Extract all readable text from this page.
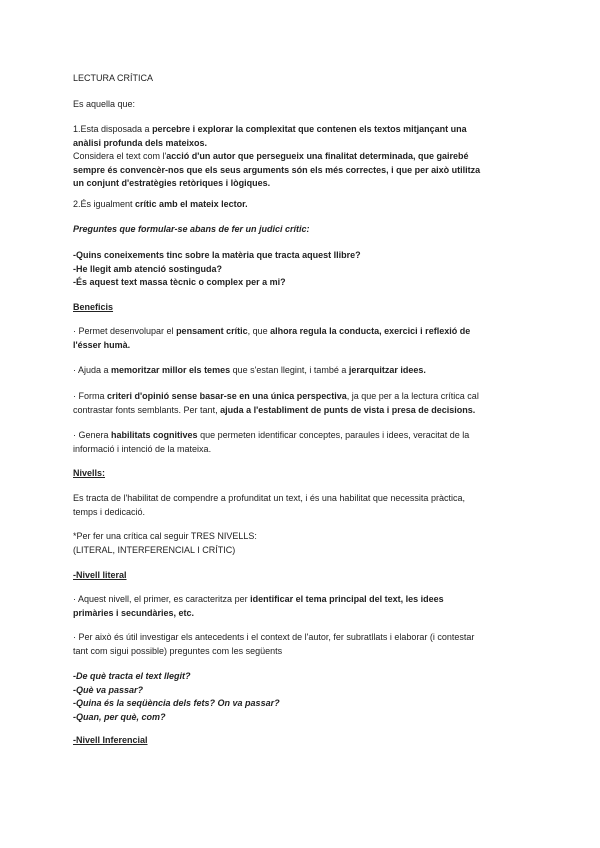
LECTURA CRÍTICA
Es aquella que:
1.Esta disposada a percebre i explorar la complexitat que contenen els textos mitjançant una
anàlisi profunda dels mateixos.
Considera el text com l'acció d'un autor que persegueix una finalitat determinada, que gairebé
sempre és convencèr-nos que els seus arguments són els més correctes, i que per això utilitza
un conjunt d'estratègies retòriques i lògiques.
2.És igualment crític amb el mateix lector.
Preguntes que formular-se abans de fer un judici crític:
-Quins coneixements tinc sobre la matèria que tracta aquest llibre?
-He llegit amb atenció sostinguda?
-És aquest text massa tècnic o complex per a mi?
Beneficis
· Permet desenvolupar el pensament crític, que alhora regula la conducta, exercici i reflexió de
l'ésser humà.
· Ajuda a memoritzar millor els temes que s'estan llegint, i també a jerarquitzar idees.
· Forma criteri d'opinió sense basar-se en una única perspectiva, ja que per a la lectura crítica cal
contrastar fonts semblants. Per tant, ajuda a l'establiment de punts de vista i presa de decisions.
· Genera habilitats cognitives que permeten identificar conceptes, paraules i idees, veracitat de la
informació i intenció de la mateixa.
Nivells:
Es tracta de l'habilitat de compendre a profunditat un text, i és una habilitat que necessita pràctica,
temps i dedicació.
*Per fer una crítica cal seguir TRES NIVELLS:
(LITERAL, INTERFERENCIAL I CRÍTIC)
-Nivell literal
· Aquest nivell, el primer, es caracteritza per identificar el tema principal del text, les idees
primàries i secundàries, etc.
· Per això és útil investigar els antecedents i el context de l'autor, fer subratllats i elaborar (i contestar
tant com sigui possible) preguntes com les següents
-De què tracta el text llegit?
-Què va passar?
-Quina és la seqüència dels fets? On va passar?
-Quan, per què, com?
-Nivell Inferencial
